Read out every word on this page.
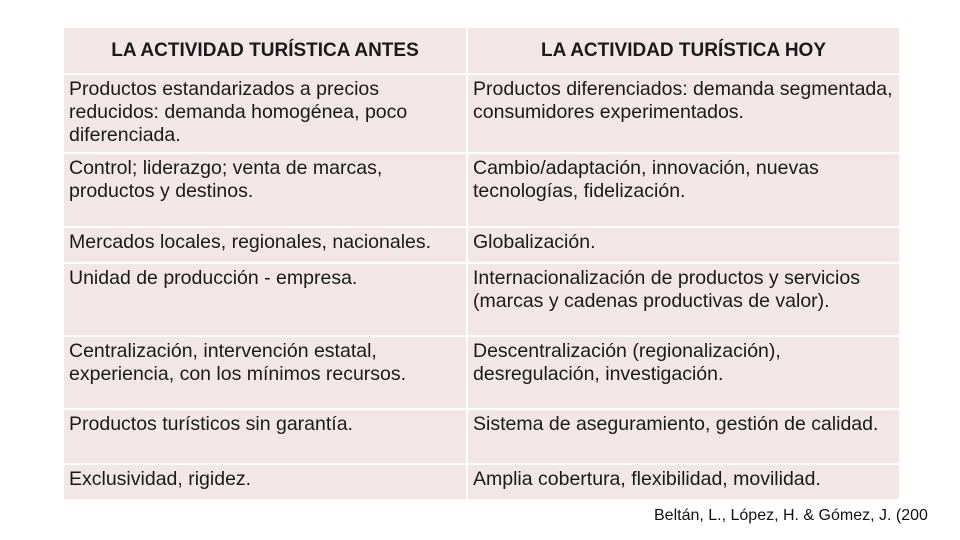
LA ACTIVIDAD TURÍSTICA ANTES	LA ACTIVIDAD TURÍSTICA HOY
Productos estandarizados a precios reducidos: demanda homogénea, poco diferenciada.	Productos diferenciados: demanda segmentada, consumidores experimentados.
Control; liderazgo; venta de marcas, productos y destinos.	Cambio/adaptación, innovación, nuevas tecnologías, fidelización.
Mercados locales, regionales, nacionales.	Globalización.
Unidad de producción - empresa.	Internacionalización de productos y servicios (marcas y cadenas productivas de valor).
Centralización, intervención estatal, experiencia, con los mínimos recursos.	Descentralización (regionalización), desregulación, investigación.
Productos turísticos sin garantía.	Sistema de aseguramiento, gestión de calidad.
Exclusividad, rigidez.	Amplia cobertura, flexibilidad, movilidad.
Beltán, L., López, H. & Gómez, J. (200
